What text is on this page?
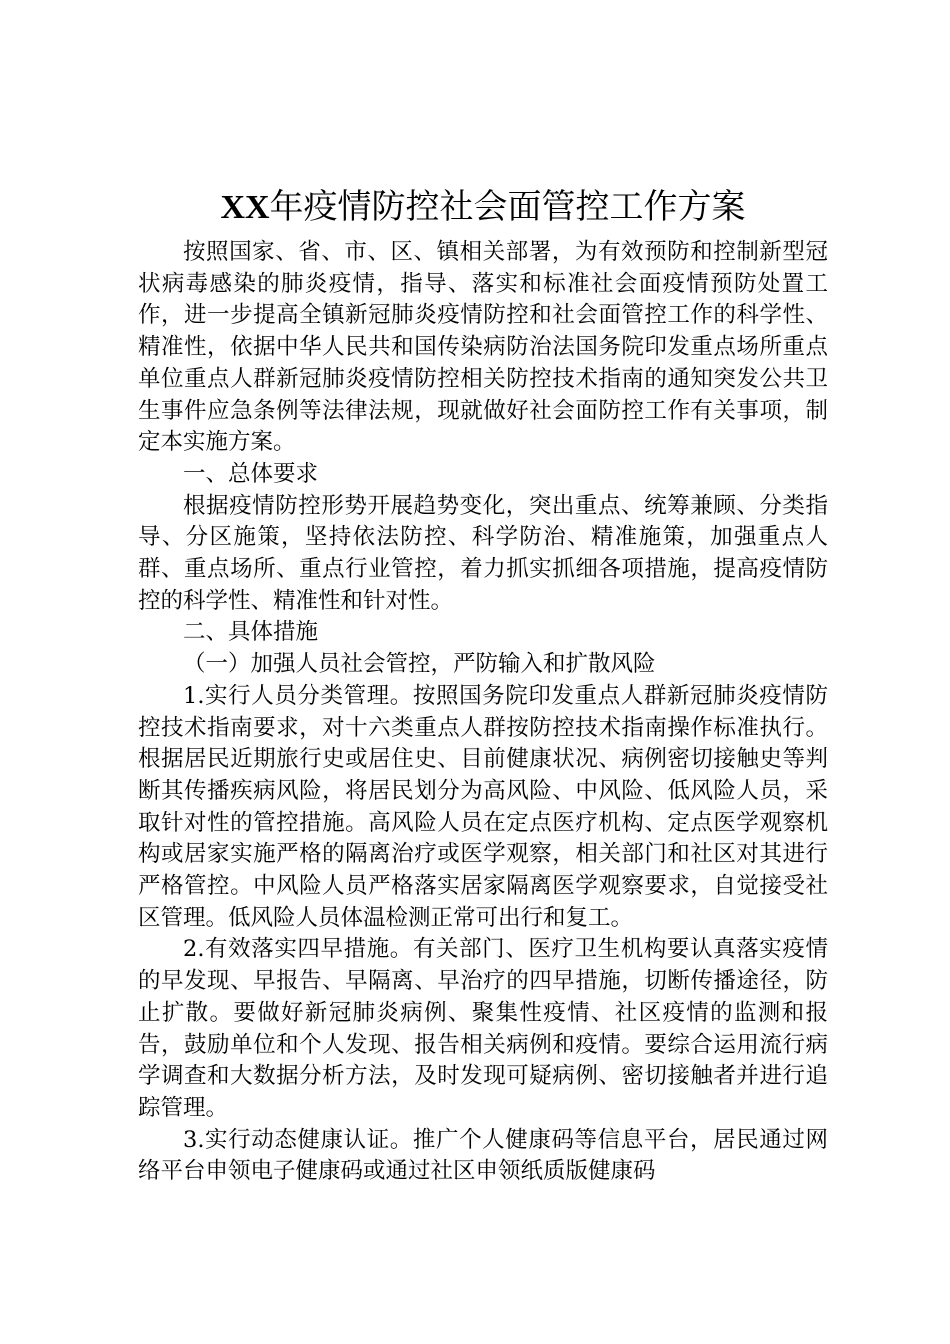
XX年疫情防控社会面管控工作方案

按照国家、省、市、区、镇相关部署，为有效预防和控制新型冠状病毒感染的肺炎疫情，指导、落实和标准社会面疫情预防处置工作，进一步提高全镇新冠肺炎疫情防控和社会面管控工作的科学性、精准性，依据中华人民共和国传染病防治法国务院印发重点场所重点单位重点人群新冠肺炎疫情防控相关防控技术指南的通知突发公共卫生事件应急条例等法律法规，现就做好社会面防控工作有关事项，制定本实施方案。

一、总体要求

根据疫情防控形势开展趋势变化，突出重点、统筹兼顾、分类指导、分区施策，坚持依法防控、科学防治、精准施策，加强重点人群、重点场所、重点行业管控，着力抓实抓细各项措施，提高疫情防控的科学性、精准性和针对性。

二、具体措施

（一）加强人员社会管控，严防输入和扩散风险

1.实行人员分类管理。按照国务院印发重点人群新冠肺炎疫情防控技术指南要求，对十六类重点人群按防控技术指南操作标准执行。根据居民近期旅行史或居住史、目前健康状况、病例密切接触史等判断其传播疾病风险，将居民划分为高风险、中风险、低风险人员，采取针对性的管控措施。高风险人员在定点医疗机构、定点医学观察机构或居家实施严格的隔离治疗或医学观察，相关部门和社区对其进行严格管控。中风险人员严格落实居家隔离医学观察要求，自觉接受社区管理。低风险人员体温检测正常可出行和复工。

2.有效落实四早措施。有关部门、医疗卫生机构要认真落实疫情的早发现、早报告、早隔离、早治疗的四早措施，切断传播途径，防止扩散。要做好新冠肺炎病例、聚集性疫情、社区疫情的监测和报告，鼓励单位和个人发现、报告相关病例和疫情。要综合运用流行病学调查和大数据分析方法，及时发现可疑病例、密切接触者并进行追踪管理。

3.实行动态健康认证。推广个人健康码等信息平台，居民通过网络平台申领电子健康码或通过社区申领纸质版健康码
